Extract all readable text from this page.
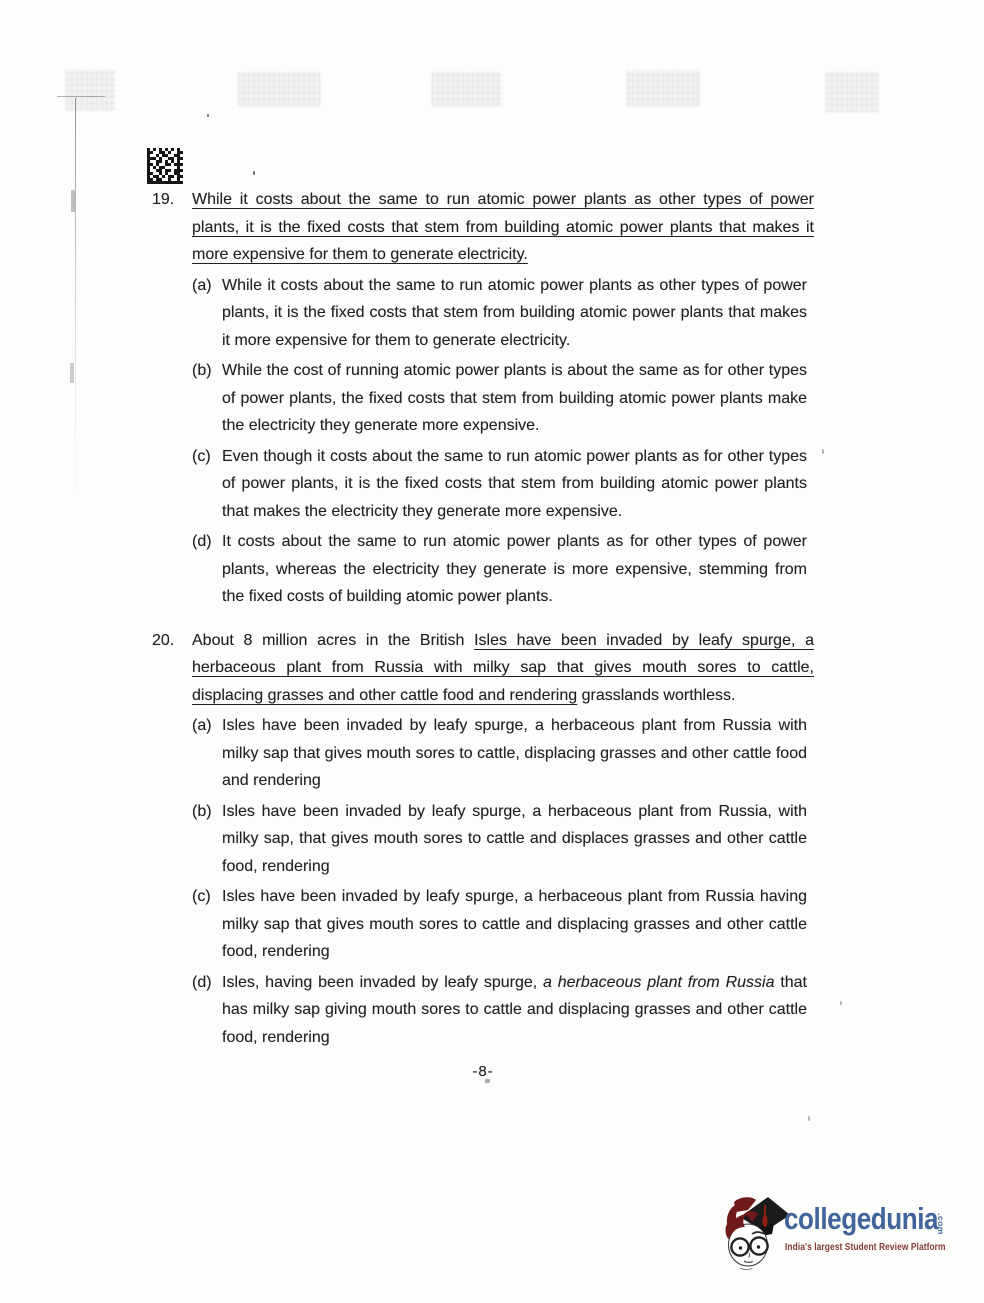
19.	While it costs about the same to run atomic power plants as other types of power plants, it is the fixed costs that stem from building atomic power plants that makes it more expensive for them to generate electricity.

(a) While it costs about the same to run atomic power plants as other types of power plants, it is the fixed costs that stem from building atomic power plants that makes it more expensive for them to generate electricity.

(b) While the cost of running atomic power plants is about the same as for other types of power plants, the fixed costs that stem from building atomic power plants make the electricity they generate more expensive.

(c) Even though it costs about the same to run atomic power plants as for other types of power plants, it is the fixed costs that stem from building atomic power plants that makes the electricity they generate more expensive.

(d) It costs about the same to run atomic power plants as for other types of power plants, whereas the electricity they generate is more expensive, stemming from the fixed costs of building atomic power plants.

20.	About 8 million acres in the British Isles have been invaded by leafy spurge, a herbaceous plant from Russia with milky sap that gives mouth sores to cattle, displacing grasses and other cattle food and rendering grasslands worthless.

(a) Isles have been invaded by leafy spurge, a herbaceous plant from Russia with milky sap that gives mouth sores to cattle, displacing grasses and other cattle food and rendering

(b) Isles have been invaded by leafy spurge, a herbaceous plant from Russia, with milky sap, that gives mouth sores to cattle and displaces grasses and other cattle food, rendering

(c) Isles have been invaded by leafy spurge, a herbaceous plant from Russia having milky sap that gives mouth sores to cattle and displacing grasses and other cattle food, rendering

(d) Isles, having been invaded by leafy spurge, a herbaceous plant from Russia that has milky sap giving mouth sores to cattle and displacing grasses and other cattle food, rendering

-8-
collegedunia
.com
India's largest Student Review Platform
